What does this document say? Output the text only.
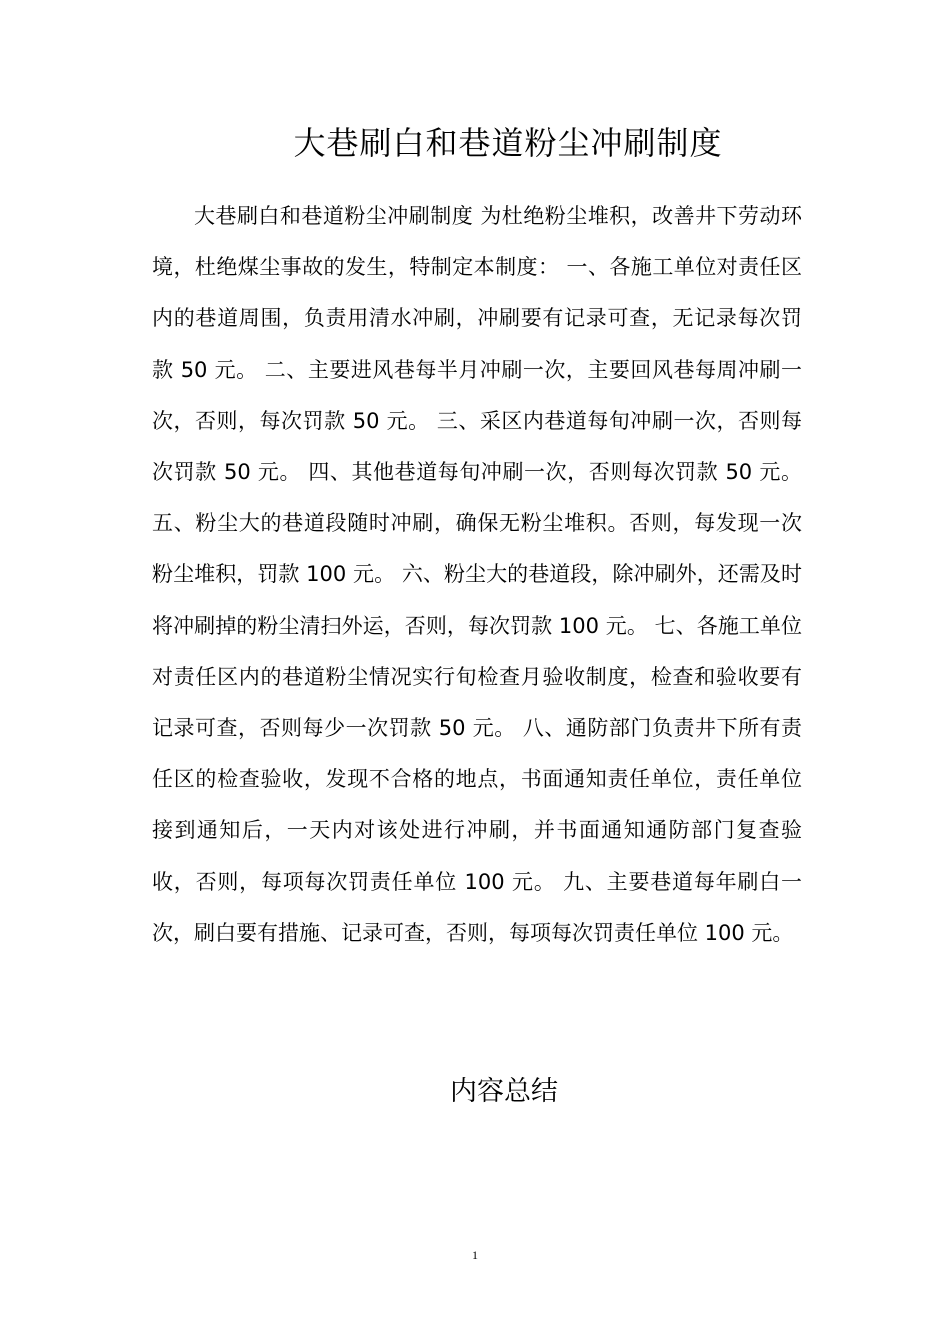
大巷刷白和巷道粉尘冲刷制度

大巷刷白和巷道粉尘冲刷制度 为杜绝粉尘堆积，改善井下劳动环境，杜绝煤尘事故的发生，特制定本制度： 一、各施工单位对责任区内的巷道周围，负责用清水冲刷，冲刷要有记录可查，无记录每次罚款 50 元。 二、主要进风巷每半月冲刷一次，主要回风巷每周冲刷一次，否则，每次罚款 50 元。 三、采区内巷道每旬冲刷一次，否则每次罚款 50 元。 四、其他巷道每旬冲刷一次，否则每次罚款 50 元。 五、粉尘大的巷道段随时冲刷，确保无粉尘堆积。否则，每发现一次粉尘堆积，罚款 100 元。 六、粉尘大的巷道段，除冲刷外，还需及时将冲刷掉的粉尘清扫外运，否则，每次罚款 100 元。 七、各施工单位对责任区内的巷道粉尘情况实行旬检查月验收制度，检查和验收要有记录可查，否则每少一次罚款 50 元。 八、通防部门负责井下所有责任区的检查验收，发现不合格的地点，书面通知责任单位，责任单位接到通知后，一天内对该处进行冲刷，并书面通知通防部门复查验收，否则，每项每次罚责任单位 100 元。 九、主要巷道每年刷白一次，刷白要有措施、记录可查，否则，每项每次罚责任单位 100 元。

内容总结
1
